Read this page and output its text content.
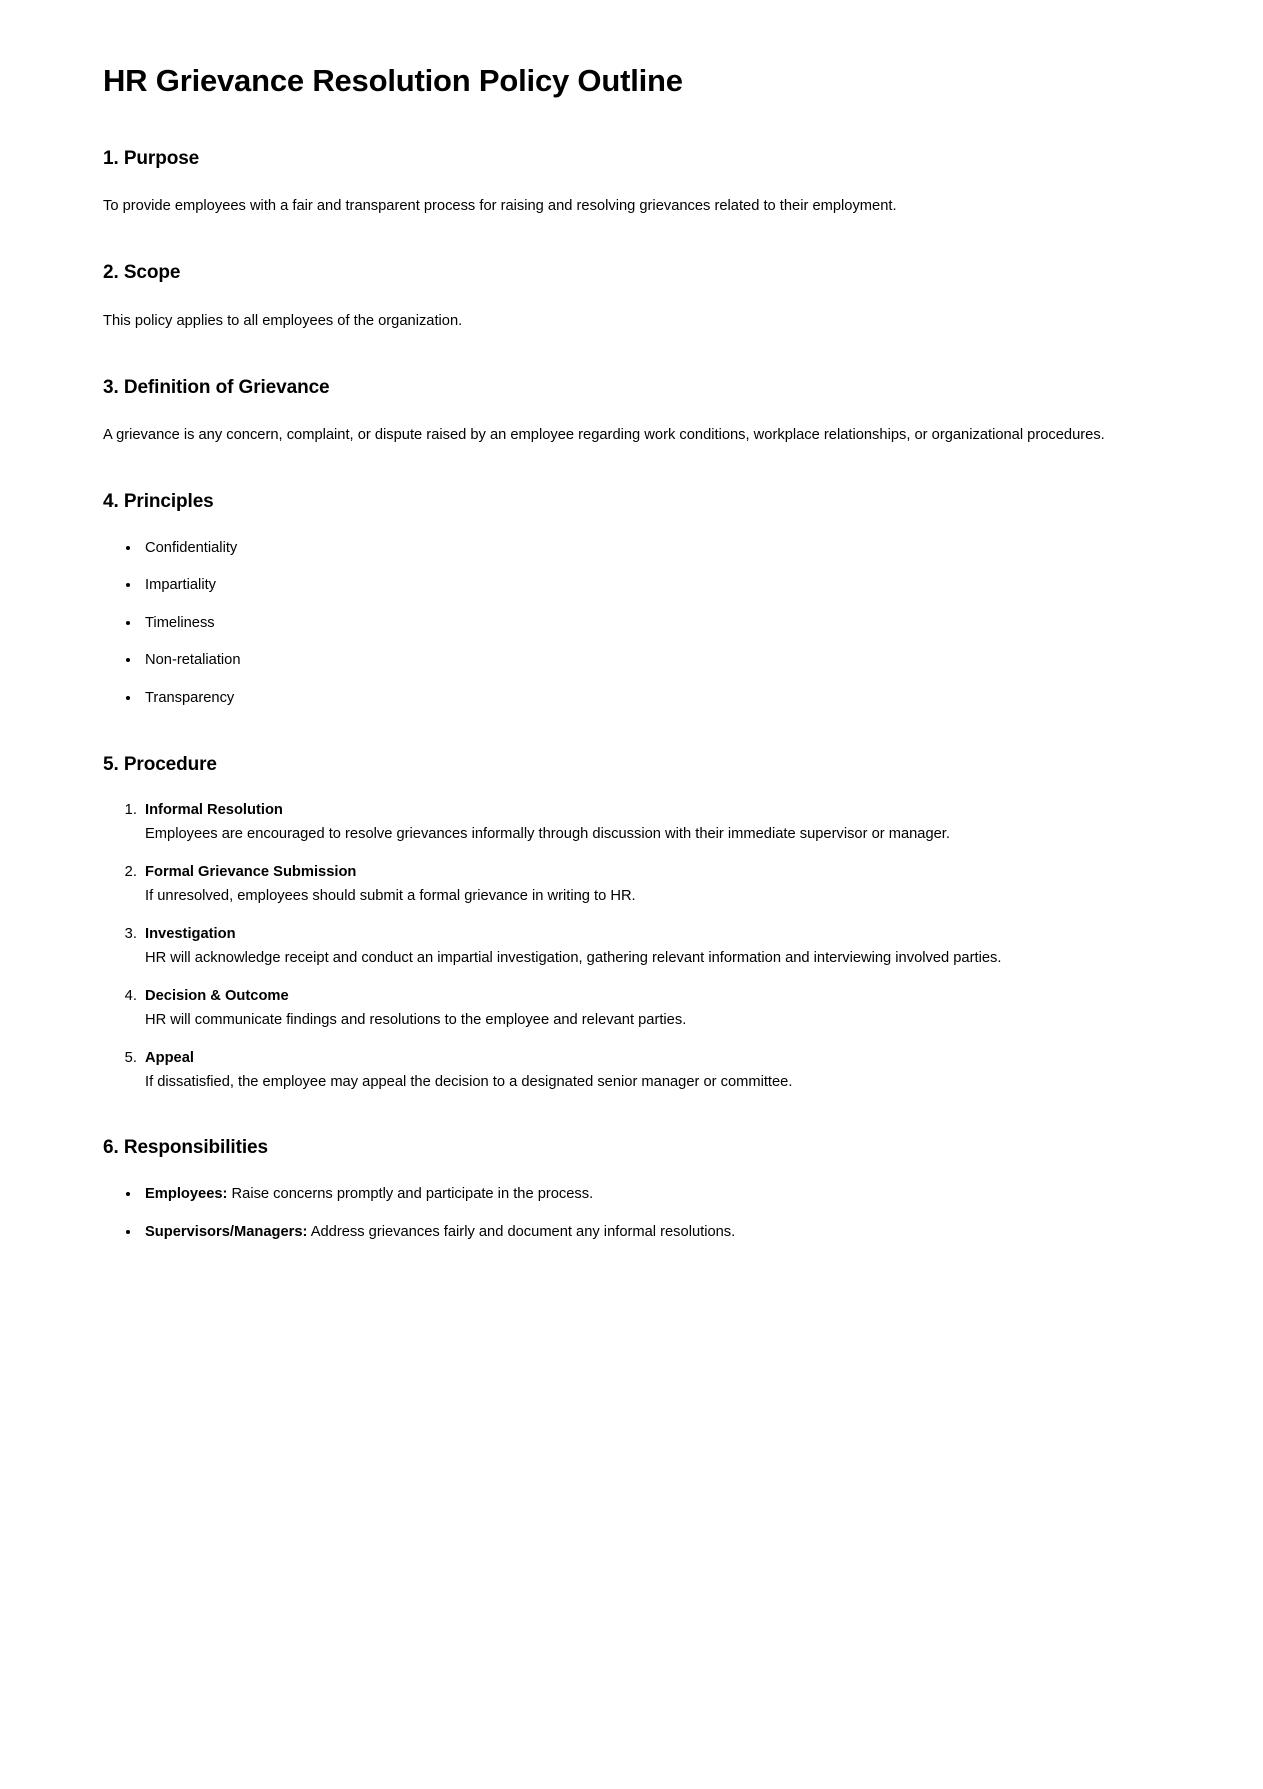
HR Grievance Resolution Policy Outline
1. Purpose

To provide employees with a fair and transparent process for raising and resolving grievances related to their employment.

2. Scope

This policy applies to all employees of the organization.

3. Definition of Grievance

A grievance is any concern, complaint, or dispute raised by an employee regarding work conditions, workplace relationships, or organizational procedures.

4. Principles
• Confidentiality
• Impartiality
• Timeliness
• Non-retaliation
• Transparency
5. Procedure
1. Informal Resolution
Employees are encouraged to resolve grievances informally through discussion with their immediate supervisor or manager.
2. Formal Grievance Submission
If unresolved, employees should submit a formal grievance in writing to HR.
3. Investigation
HR will acknowledge receipt and conduct an impartial investigation, gathering relevant information and interviewing involved parties.
4. Decision & Outcome
HR will communicate findings and resolutions to the employee and relevant parties.
5. Appeal
If dissatisfied, the employee may appeal the decision to a designated senior manager or committee.
6. Responsibilities
• Employees: Raise concerns promptly and participate in the process.
• Supervisors/Managers: Address grievances fairly and document any informal resolutions.
